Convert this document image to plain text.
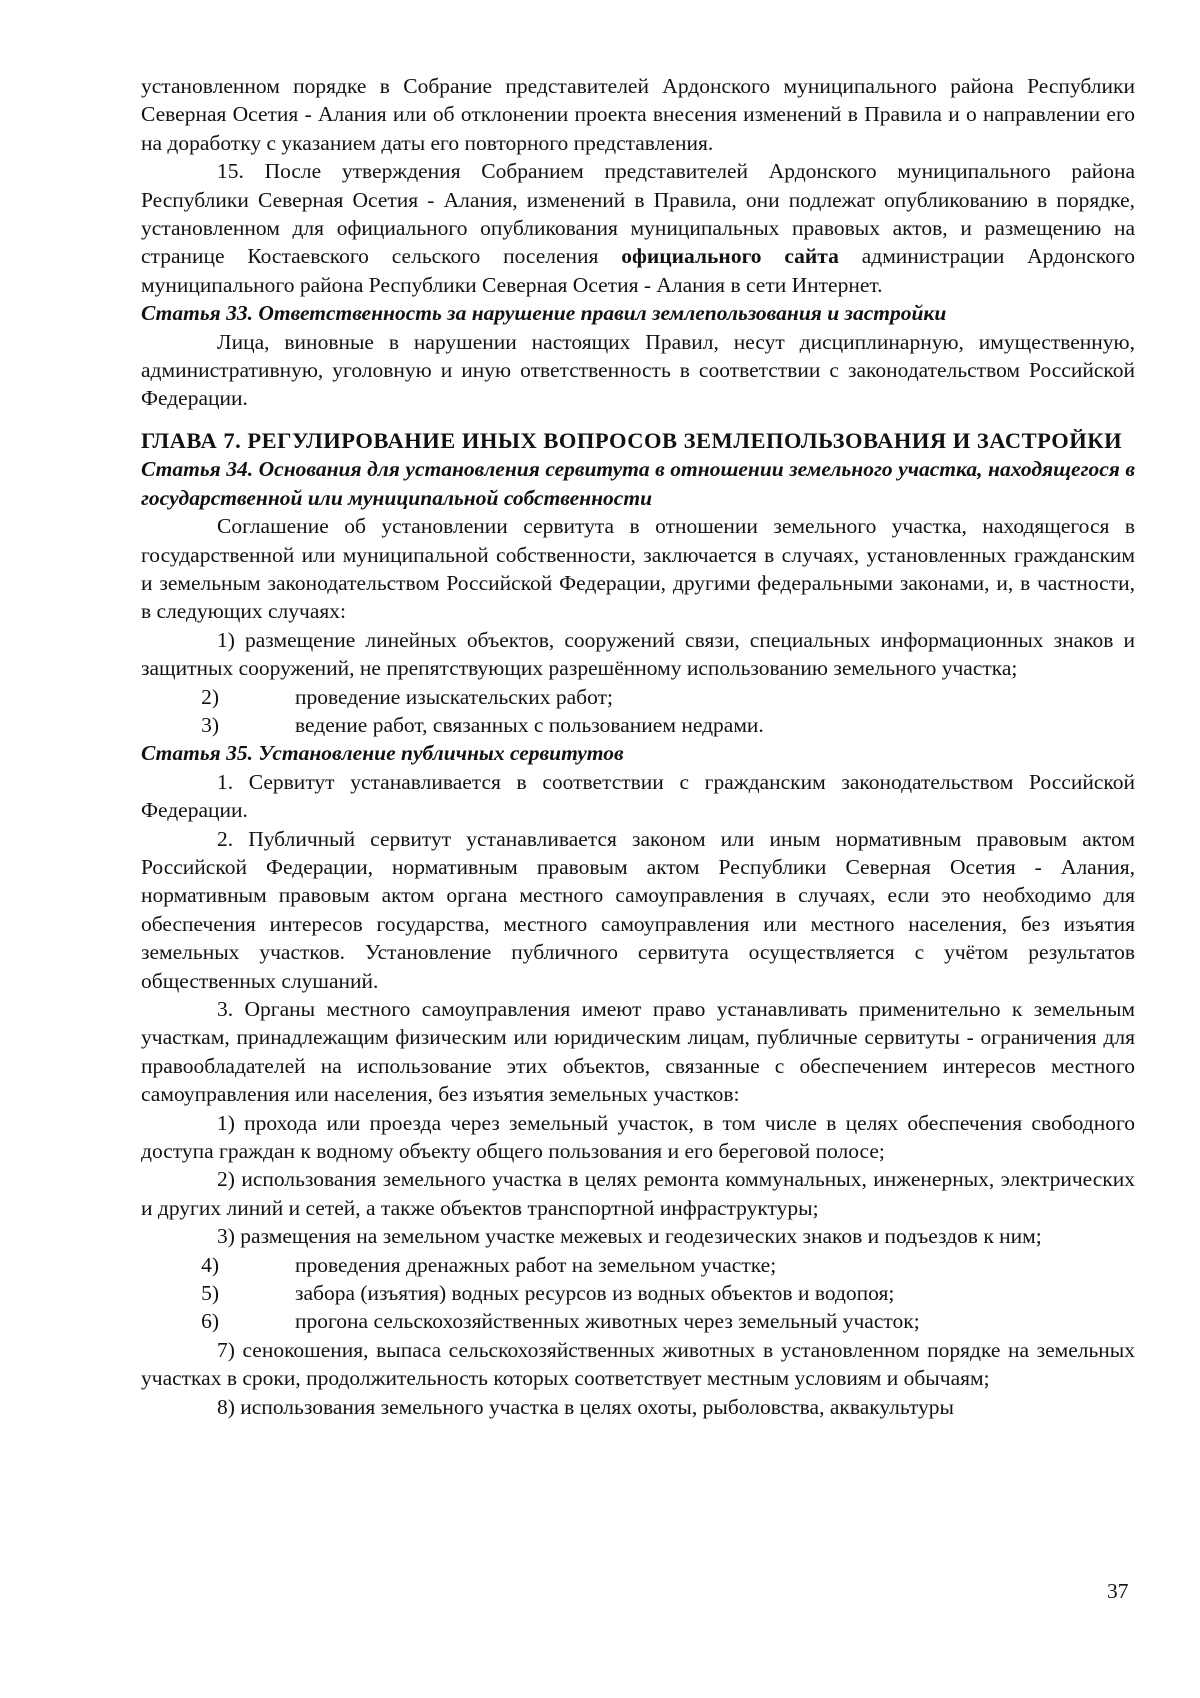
установленном порядке в Собрание представителей Ардонского муниципального района Республики Северная Осетия - Алания или об отклонении проекта внесения изменений в Правила и о направлении его на доработку с указанием даты его повторного представления.

15. После утверждения Собранием представителей Ардонского муниципального района Республики Северная Осетия - Алания, изменений в Правила, они подлежат опубликованию в порядке, установленном для официального опубликования муниципальных правовых актов, и размещению на странице Костаевского сельского поселения официального сайта администрации Ардонского муниципального района Республики Северная Осетия - Алания в сети Интернет.

Статья 33. Ответственность за нарушение правил землепользования и застройки

Лица, виновные в нарушении настоящих Правил, несут дисциплинарную, имущественную, административную, уголовную и иную ответственность в соответствии с законодательством Российской Федерации.

ГЛАВА 7. РЕГУЛИРОВАНИЕ ИНЫХ ВОПРОСОВ ЗЕМЛЕПОЛЬЗОВАНИЯ И ЗАСТРОЙКИ

Статья 34. Основания для установления сервитута в отношении земельного участка, находящегося в государственной или муниципальной собственности

Соглашение об установлении сервитута в отношении земельного участка, находящегося в государственной или муниципальной собственности, заключается в случаях, установленных гражданским и земельным законодательством Российской Федерации, другими федеральными законами, и, в частности, в следующих случаях:

1) размещение линейных объектов, сооружений связи, специальных информационных знаков и защитных сооружений, не препятствующих разрешённому использованию земельного участка;

2)	проведение изыскательских работ;
3)	ведение работ, связанных с пользованием недрами.

Статья 35. Установление публичных сервитутов

1. Сервитут устанавливается в соответствии с гражданским законодательством Российской Федерации.

2. Публичный сервитут устанавливается законом или иным нормативным правовым актом Российской Федерации, нормативным правовым актом Республики Северная Осетия - Алания, нормативным правовым актом органа местного самоуправления в случаях, если это необходимо для обеспечения интересов государства, местного самоуправления или местного населения, без изъятия земельных участков. Установление публичного сервитута осуществляется с учётом результатов общественных слушаний.

3. Органы местного самоуправления имеют право устанавливать применительно к земельным участкам, принадлежащим физическим или юридическим лицам, публичные сервитуты - ограничения для правообладателей на использование этих объектов, связанные с обеспечением интересов местного самоуправления или населения, без изъятия земельных участков:

1) прохода или проезда через земельный участок, в том числе в целях обеспечения свободного доступа граждан к водному объекту общего пользования и его береговой полосе;

2) использования земельного участка в целях ремонта коммунальных, инженерных, электрических и других линий и сетей, а также объектов транспортной инфраструктуры;

3) размещения на земельном участке межевых и геодезических знаков и подъездов к ним;

4)	проведения дренажных работ на земельном участке;
5)	забора (изъятия) водных ресурсов из водных объектов и водопоя;
6)	прогона сельскохозяйственных животных через земельный участок;

7) сенокошения, выпаса сельскохозяйственных животных в установленном порядке на земельных участках в сроки, продолжительность которых соответствует местным условиям и обычаям;

8) использования земельного участка в целях охоты, рыболовства, аквакультуры

37
